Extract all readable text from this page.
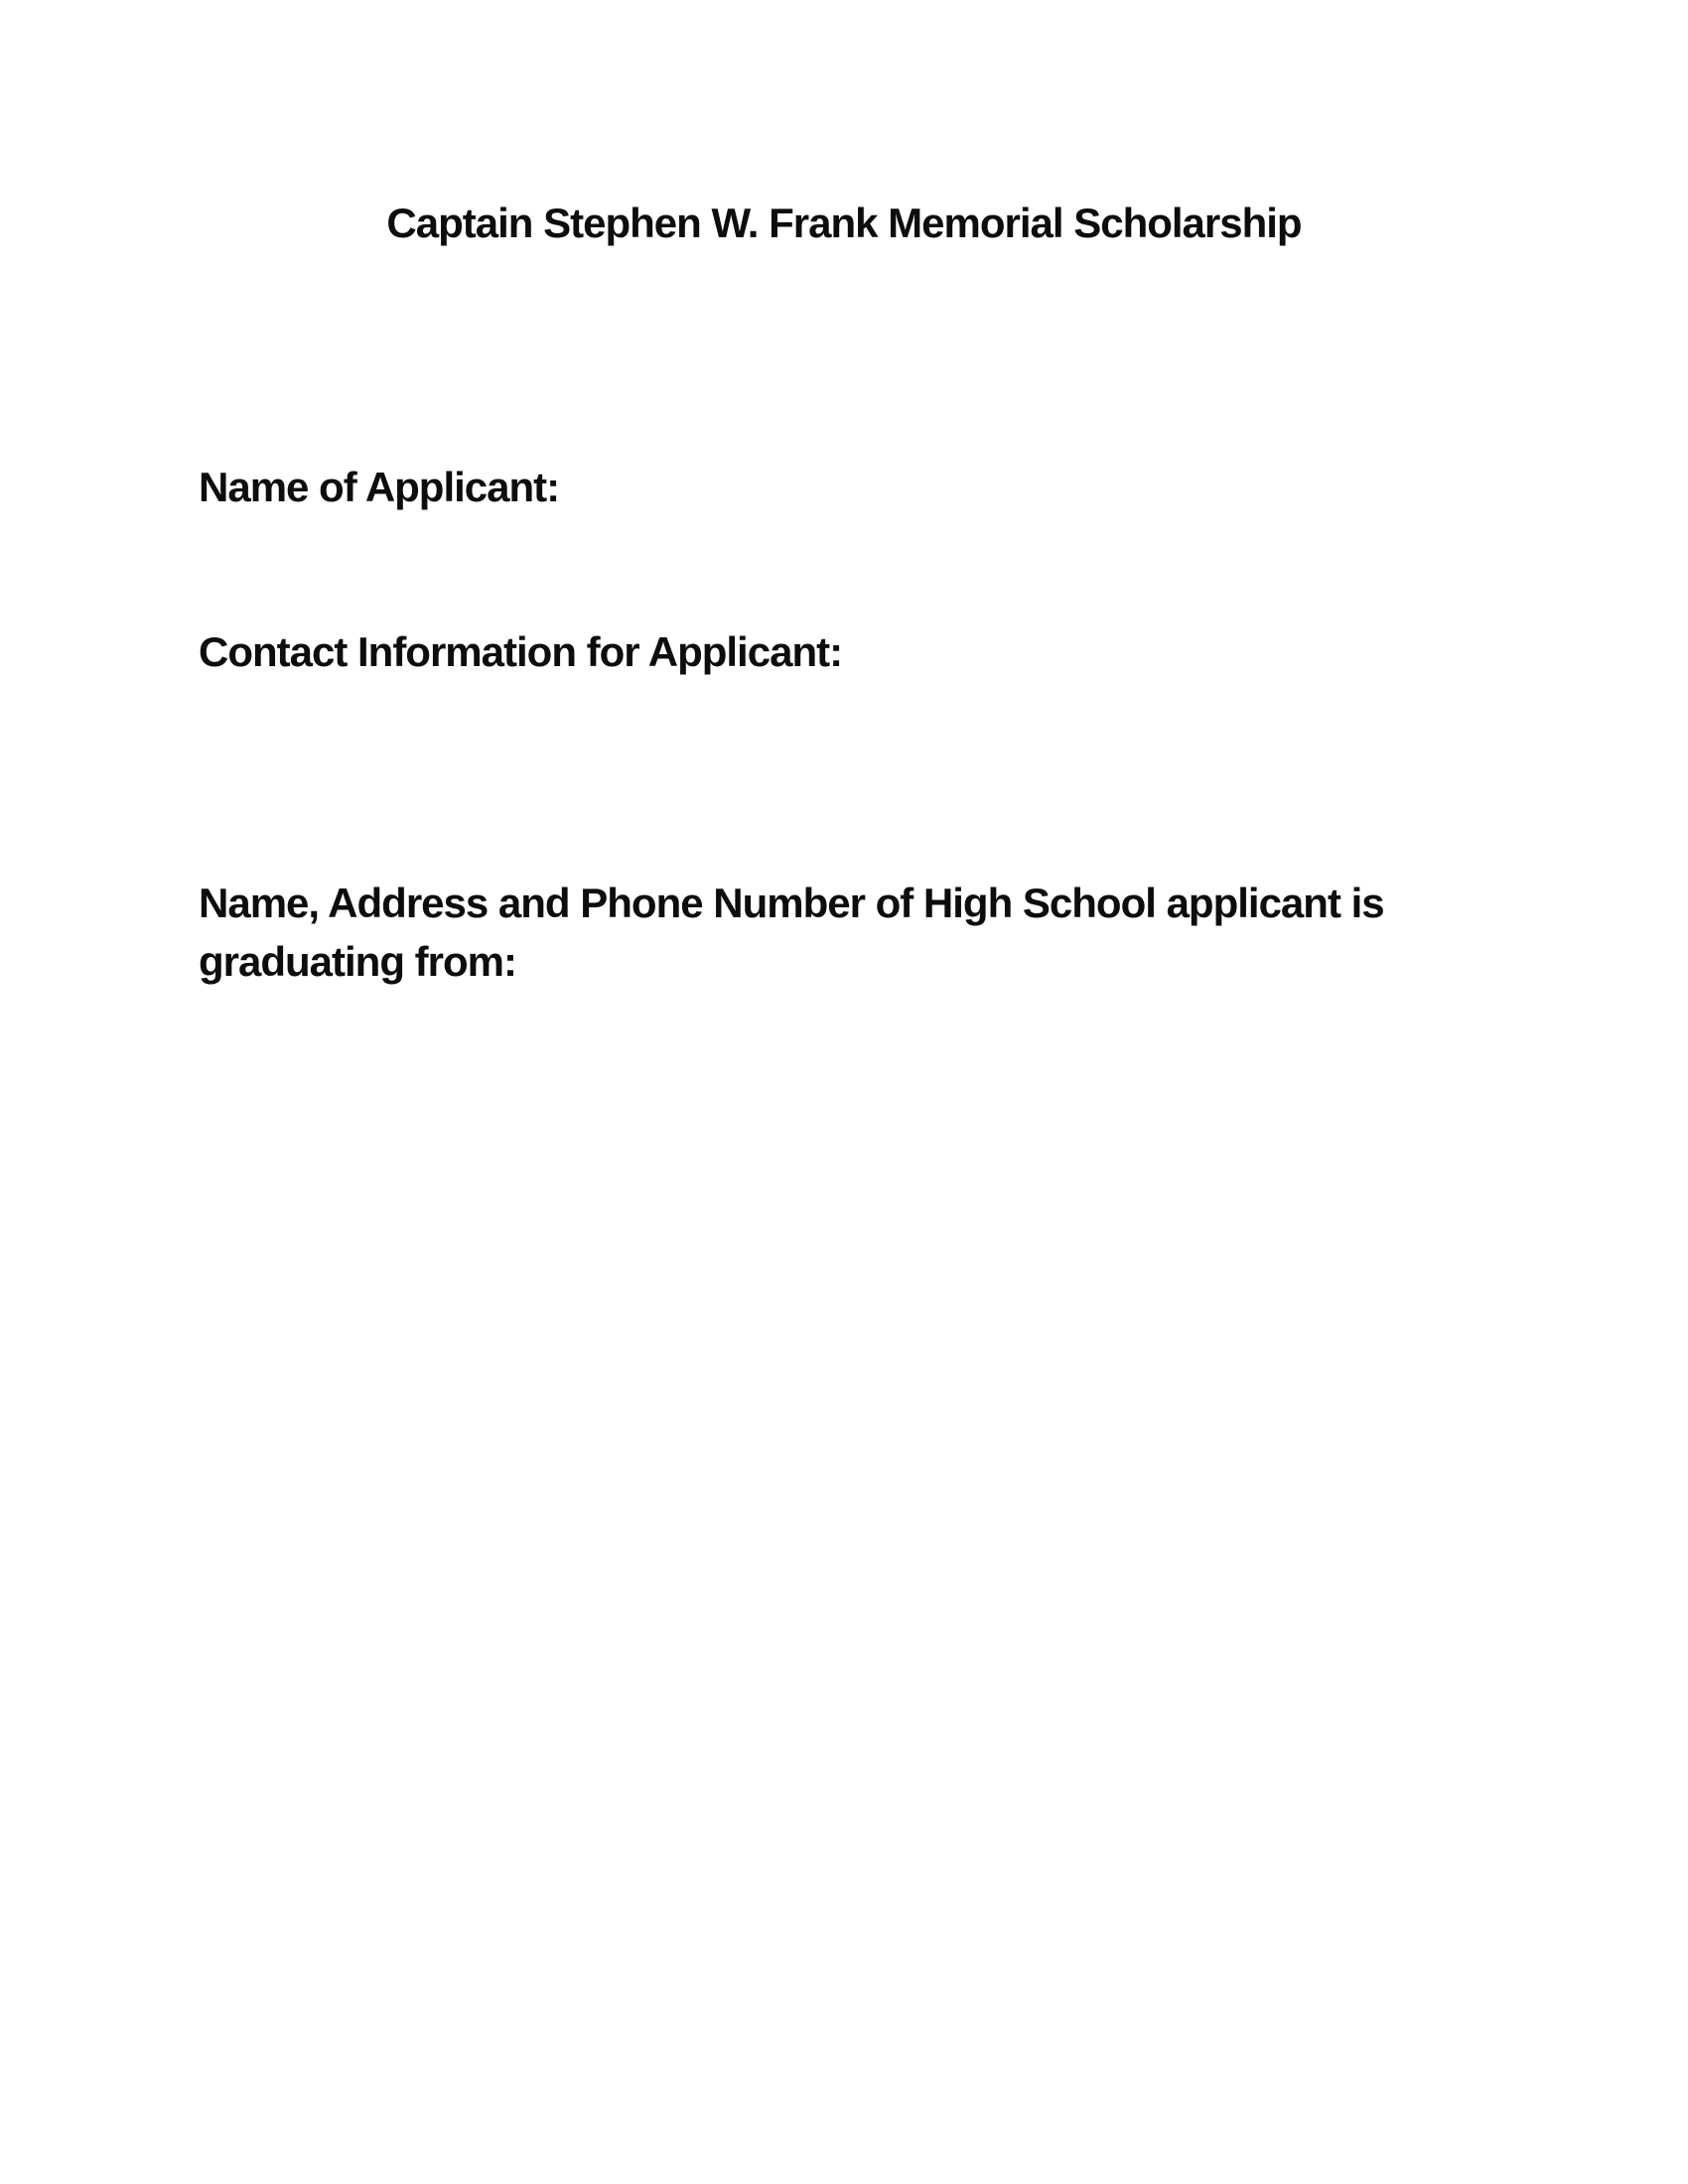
Captain Stephen W. Frank Memorial Scholarship
Name of Applicant:
Contact Information for Applicant:
Name, Address and Phone Number of High School applicant is
graduating from:
